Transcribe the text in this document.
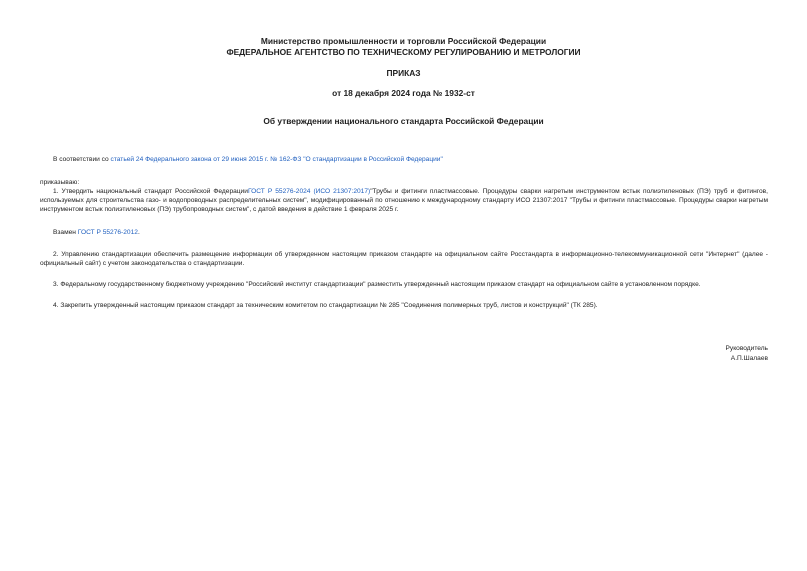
Министерство промышленности и торговли Российской Федерации
ФЕДЕРАЛЬНОЕ АГЕНТСТВО ПО ТЕХНИЧЕСКОМУ РЕГУЛИРОВАНИЮ И МЕТРОЛОГИИ
ПРИКАЗ
от 18 декабря 2024 года № 1932-ст
Об утверждении национального стандарта Российской Федерации
В соответствии со статьей 24 Федерального закона от 29 июня 2015 г. № 162-ФЗ "О стандартизации в Российской Федерации"
приказываю:
1. Утвердить национальный стандарт Российской ФедерацииГОСТ Р 55276-2024 (ИСО 21307:2017)"Трубы и фитинги пластмассовые. Процедуры сварки нагретым инструментом встык полиэтиленовых (ПЭ) труб и фитингов, используемых для строительства газо- и водопроводных распределительных систем", модифицированный по отношению к международному стандарту ИСО 21307:2017 "Трубы и фитинги пластмассовые. Процедуры сварки нагретым инструментом встык полиэтиленовых (ПЭ) трубопроводных систем", с датой введения в действие 1 февраля 2025 г.
Взамен ГОСТ Р 55276-2012.
2. Управлению стандартизации обеспечить размещение информации об утвержденном настоящим приказом стандарте на официальном сайте Росстандарта в информационно-телекоммуникационной сети "Интернет" (далее - официальный сайт) с учетом законодательства о стандартизации.
3. Федеральному государственному бюджетному учреждению "Российский институт стандартизации" разместить утвержденный настоящим приказом стандарт на официальном сайте в установленном порядке.
4. Закрепить утвержденный настоящим приказом стандарт за техническим комитетом по стандартизации № 285 "Соединения полимерных труб, листов и конструкций" (ТК 285).
Руководитель
А.П.Шалаев
